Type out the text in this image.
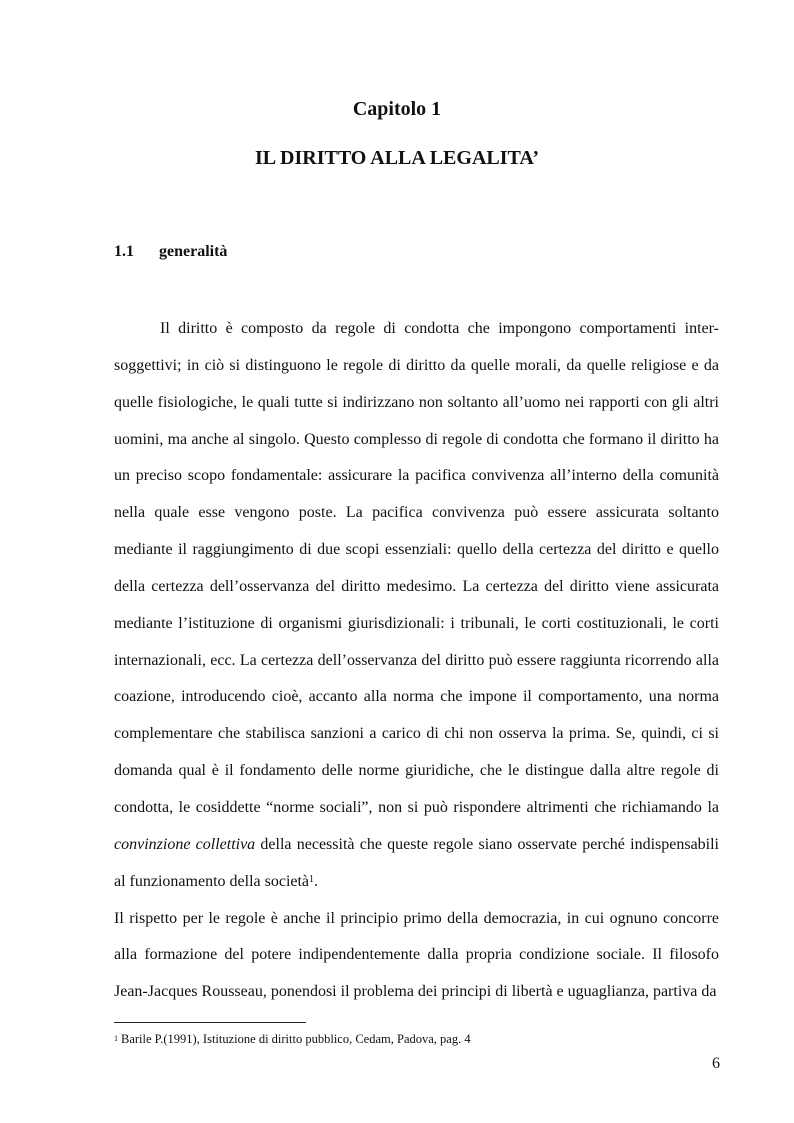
Capitolo 1
IL DIRITTO ALLA LEGALITA’
1.1 generalità

Il diritto è composto da regole di condotta che impongono comportamenti inter-soggettivi; in ciò si distinguono le regole di diritto da quelle morali, da quelle religiose e da quelle fisiologiche, le quali tutte si indirizzano non soltanto all’uomo nei rapporti con gli altri uomini, ma anche al singolo. Questo complesso di regole di condotta che formano il diritto ha un preciso scopo fondamentale: assicurare la pacifica convivenza all’interno della comunità nella quale esse vengono poste. La pacifica convivenza può essere assicurata soltanto mediante il raggiungimento di due scopi essenziali: quello della certezza del diritto e quello della certezza dell’osservanza del diritto medesimo. La certezza del diritto viene assicurata mediante l’istituzione di organismi giurisdizionali: i tribunali, le corti costituzionali, le corti internazionali, ecc. La certezza dell’osservanza del diritto può essere raggiunta ricorrendo alla coazione, introducendo cioè, accanto alla norma che impone il comportamento, una norma complementare che stabilisca sanzioni a carico di chi non osserva la prima. Se, quindi, ci si domanda qual è il fondamento delle norme giuridiche, che le distingue dalla altre regole di condotta, le cosiddette “norme sociali”, non si può rispondere altrimenti che richiamando la convinzione collettiva della necessità che queste regole siano osservate perché indispensabili al funzionamento della società$^1$.

Il rispetto per le regole è anche il principio primo della democrazia, in cui ognuno concorre alla formazione del potere indipendentemente dalla propria condizione sociale. Il filosofo Jean-Jacques Rousseau, ponendosi il problema dei principi di libertà e uguaglianza, partiva da

$^1$ Barile P.(1991), Istituzione di diritto pubblico, Cedam, Padova, pag. 4
6
